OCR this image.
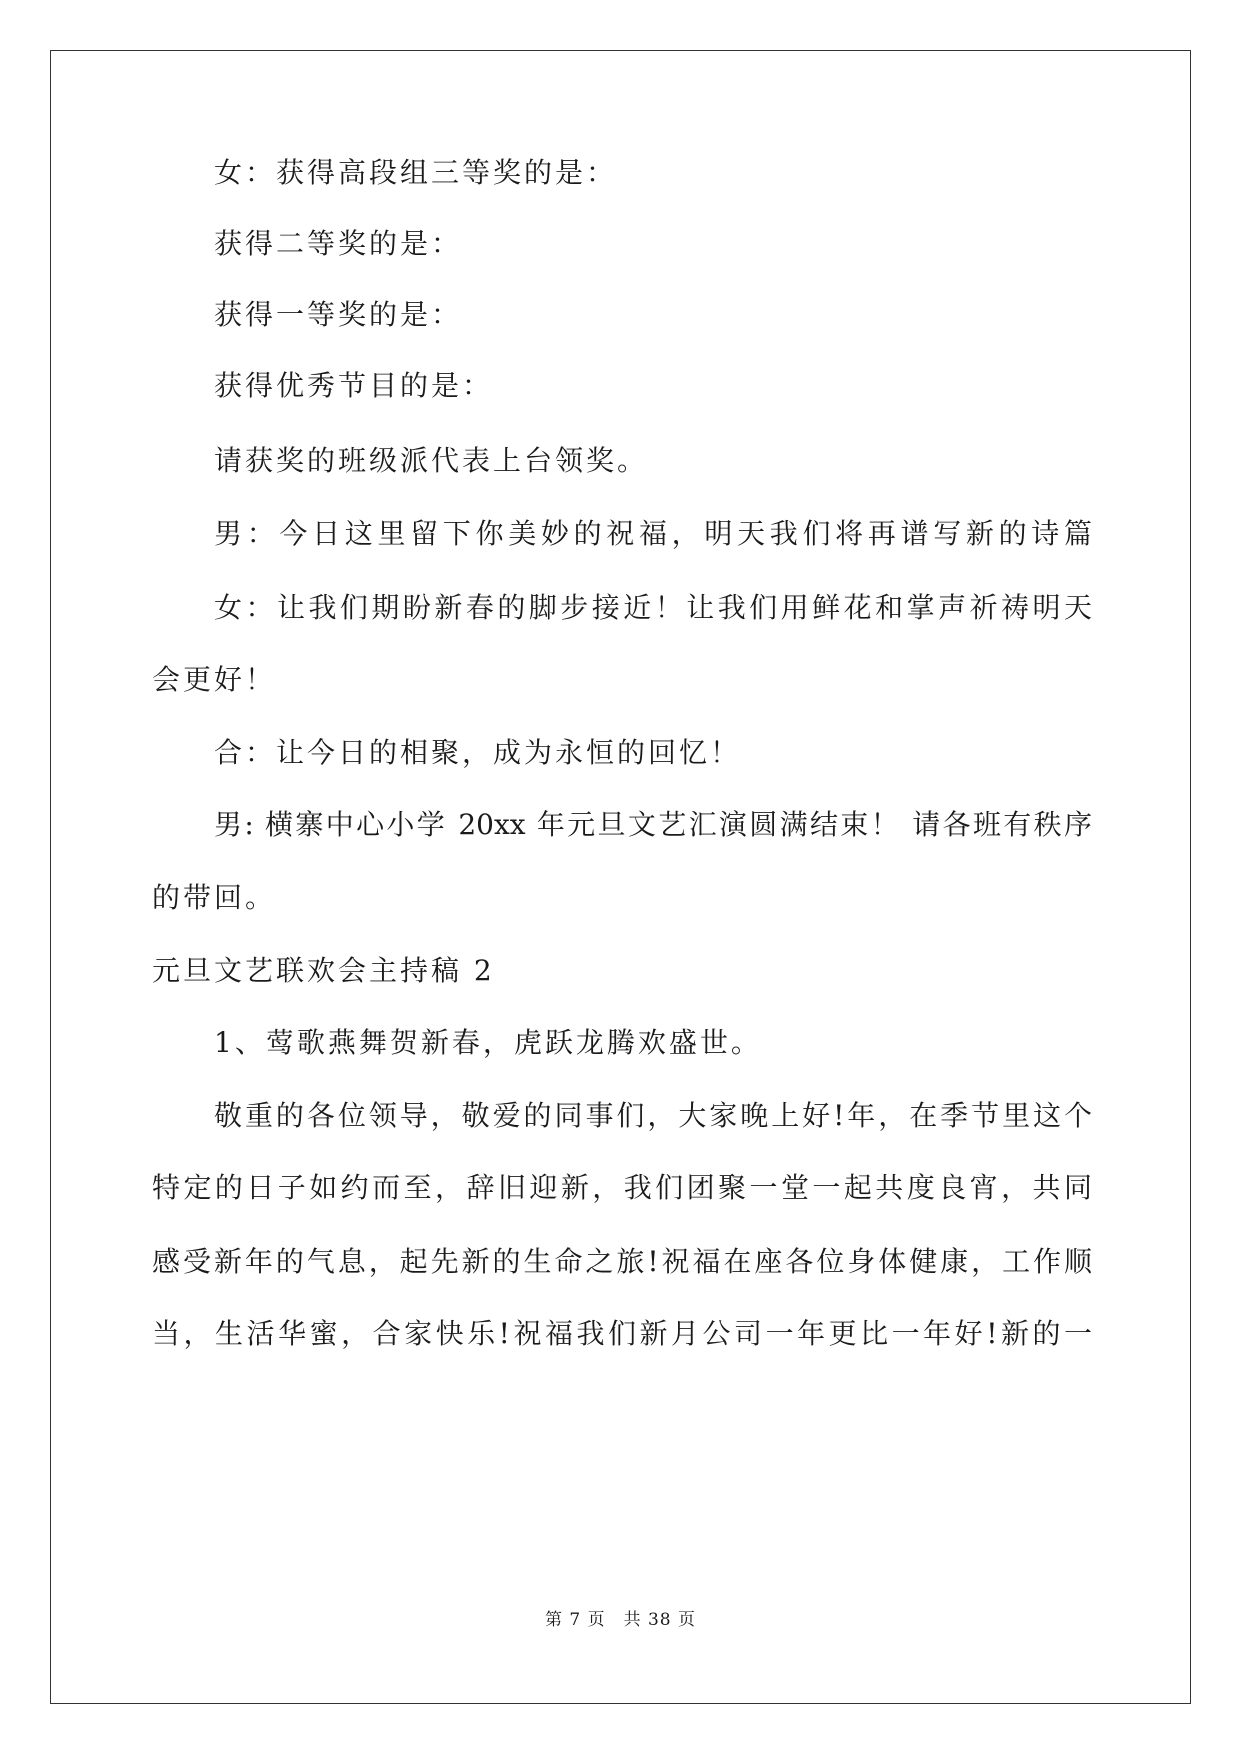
女：获得高段组三等奖的是：
获得二等奖的是：
获得一等奖的是：
获得优秀节目的是：
请获奖的班级派代表上台领奖。
男：今日这里留下你美妙的祝福，明天我们将再谱写新的诗篇
女：让我们期盼新春的脚步接近！让我们用鲜花和掌声祈祷明天
会更好！
合：让今日的相聚，成为永恒的回忆！
男: 横寨中心小学 20xx 年元旦文艺汇演圆满结束！ 请各班有秩序
的带回。
元旦文艺联欢会主持稿 2
1、莺歌燕舞贺新春，虎跃龙腾欢盛世。
敬重的各位领导，敬爱的同事们，大家晚上好!年，在季节里这个
特定的日子如约而至，辞旧迎新，我们团聚一堂一起共度良宵，共同
感受新年的气息，起先新的生命之旅!祝福在座各位身体健康，工作顺
当，生活华蜜，合家快乐!祝福我们新月公司一年更比一年好!新的一
第 7 页　共 38 页
